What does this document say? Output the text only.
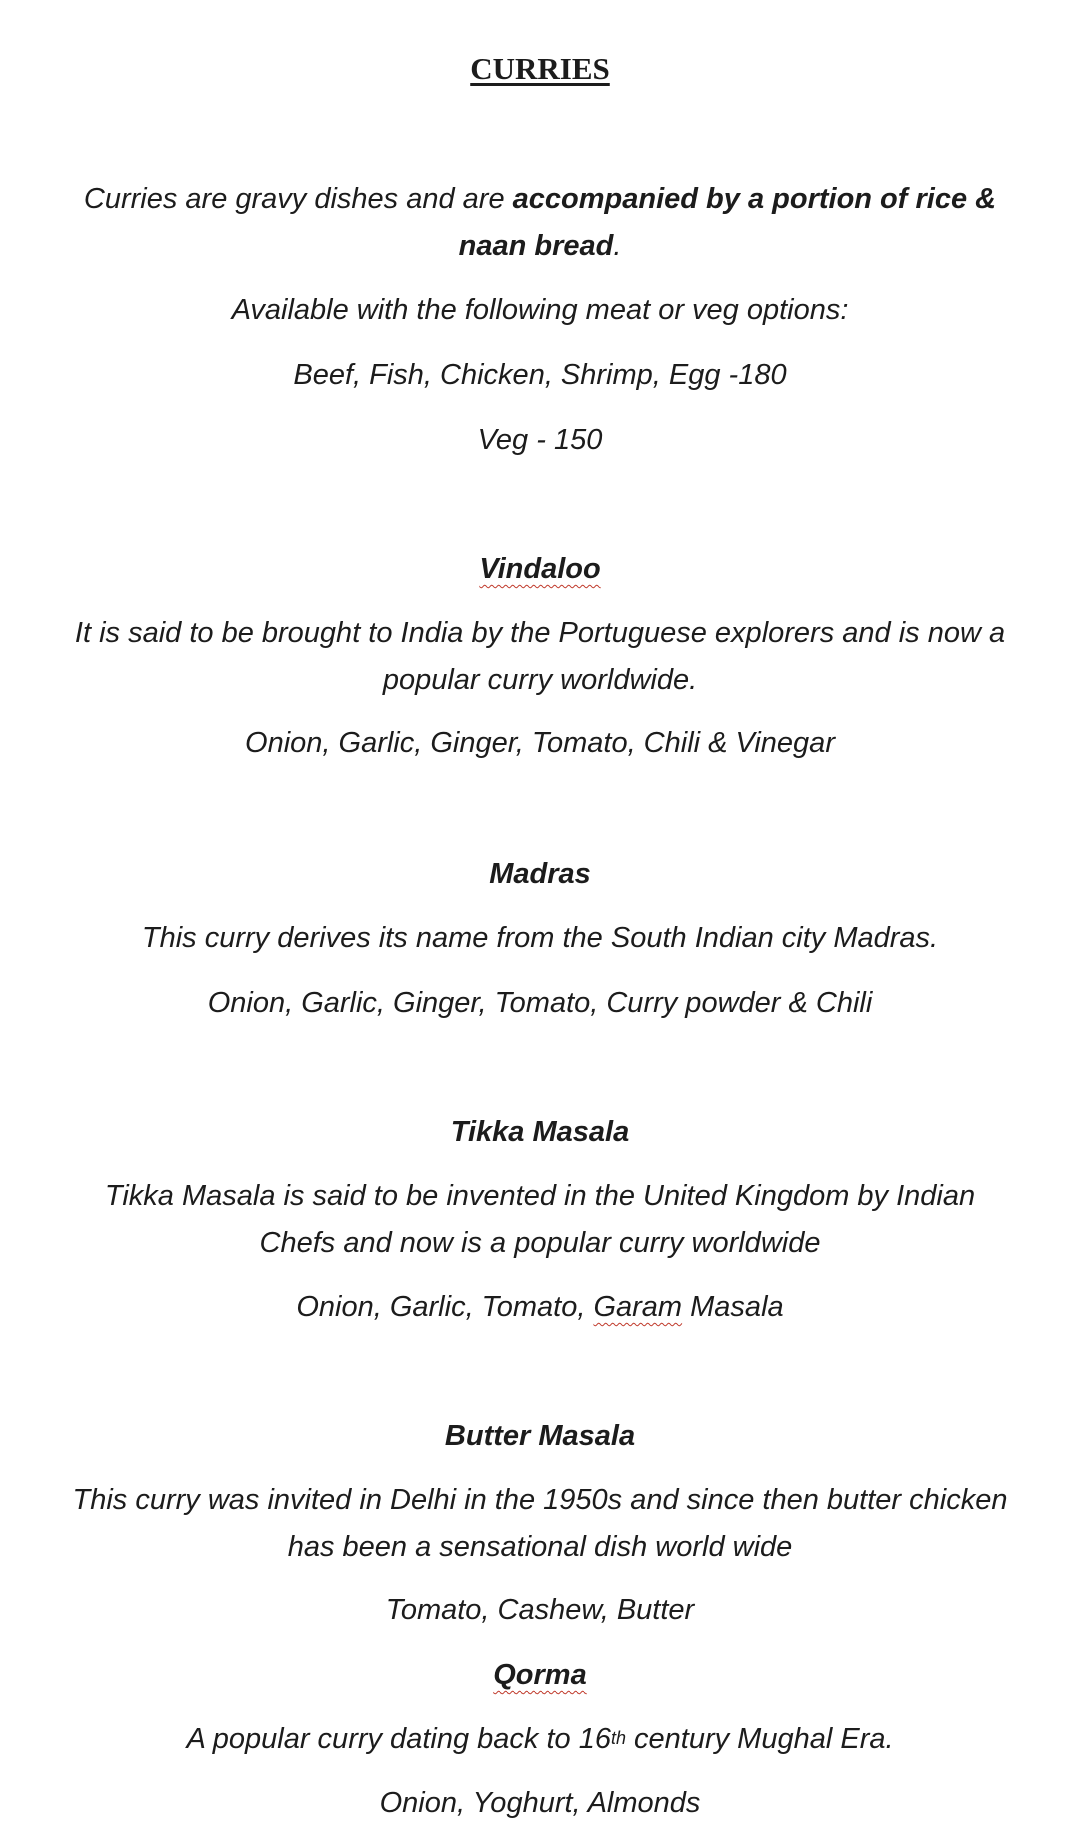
CURRIES
Curries are gravy dishes and are accompanied by a portion of rice &
naan bread.
Available with the following meat or veg options:
Beef, Fish, Chicken, Shrimp, Egg -180
Veg - 150
Vindaloo
It is said to be brought to India by the Portuguese explorers and is now a
popular curry worldwide.
Onion, Garlic, Ginger, Tomato, Chili & Vinegar
Madras
This curry derives its name from the South Indian city Madras.
Onion, Garlic, Ginger, Tomato, Curry powder & Chili
Tikka Masala
Tikka Masala is said to be invented in the United Kingdom by Indian
Chefs and now is a popular curry worldwide
Onion, Garlic, Tomato, Garam Masala
Butter Masala
This curry was invited in Delhi in the 1950s and since then butter chicken
has been a sensational dish world wide
Tomato, Cashew, Butter
Qorma
A popular curry dating back to 16th century Mughal Era.
Onion, Yoghurt, Almonds
